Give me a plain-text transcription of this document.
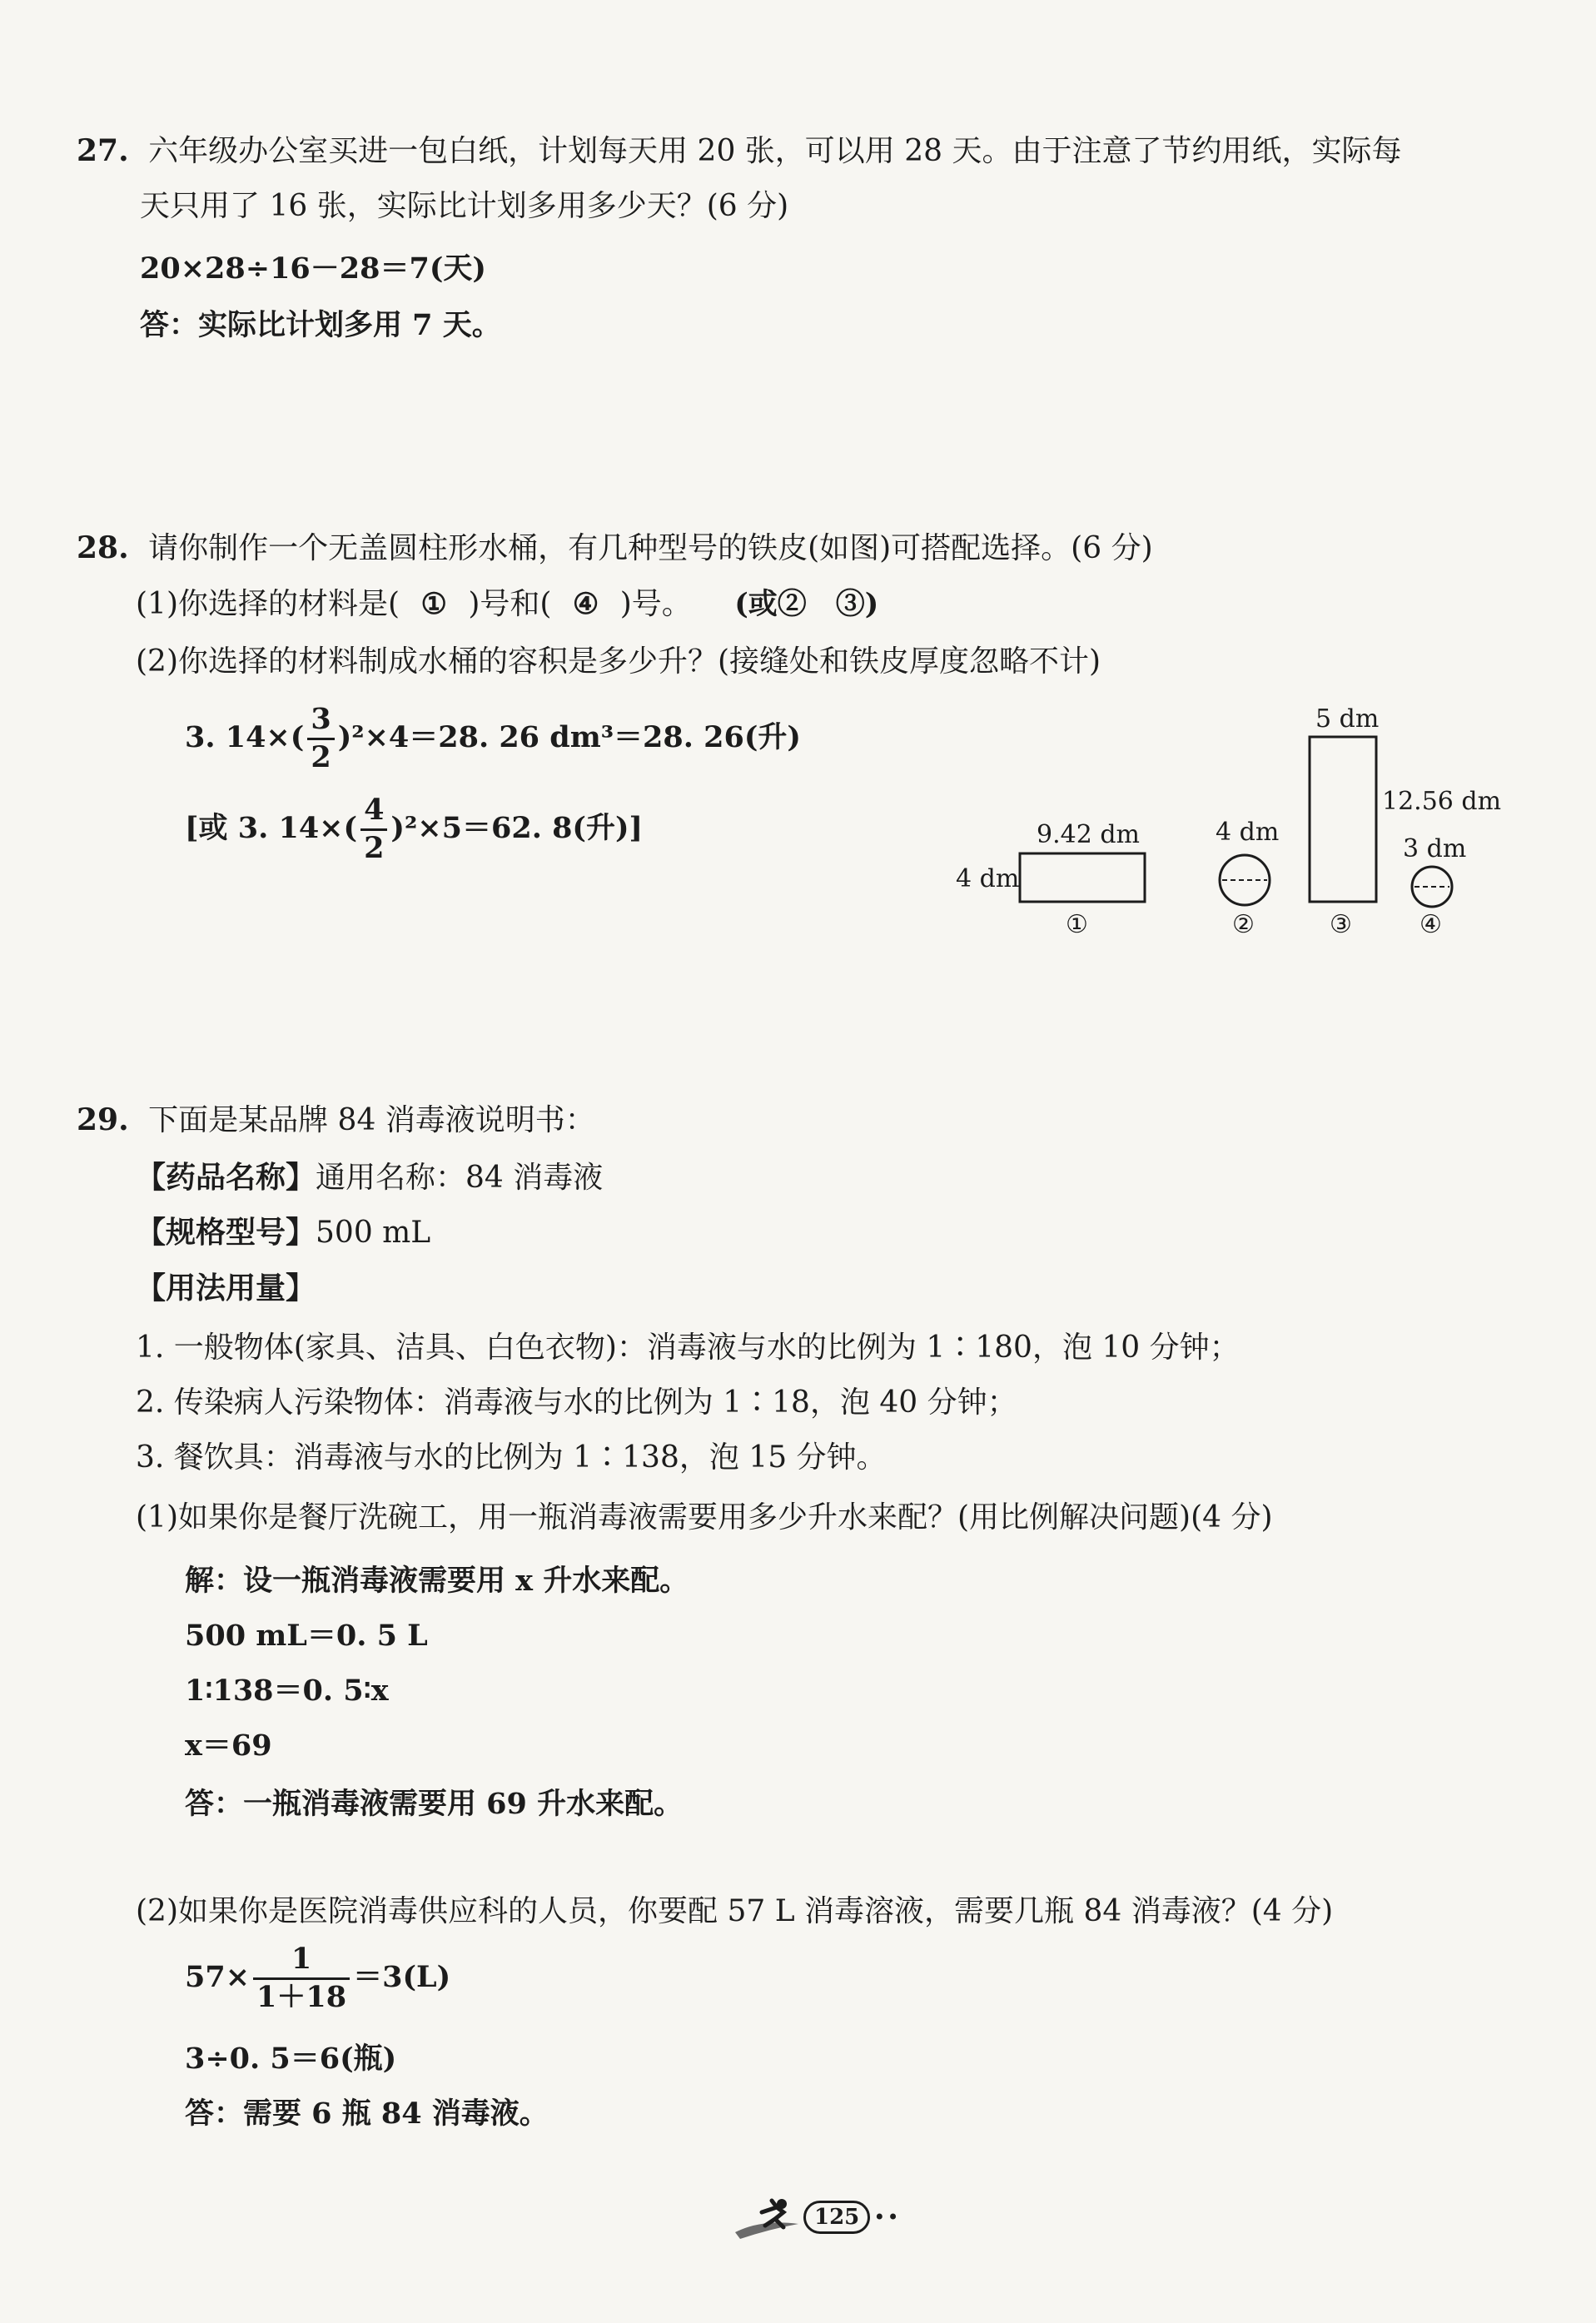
27. 六年级办公室买进一包白纸，计划每天用 20 张，可以用 28 天。由于注意了节约用纸，实际每
天只用了 16 张，实际比计划多用多少天？(6 分)
20×28÷16－28＝7(天)
答：实际比计划多用 7 天。
28. 请你制作一个无盖圆柱形水桶，有几种型号的铁皮(如图)可搭配选择。(6 分)
(1)你选择的材料是( ① )号和( ④ )号。 (或②　③)
(2)你选择的材料制成水桶的容积是多少升？(接缝处和铁皮厚度忽略不计)
3. $14\times( \frac{3}{2} )^2\times 4=28$. 26 dm³＝28. 26(升)
[或 3. $14\times( \frac{4}{2} )^2\times 5=62$. 8(升)]	9.42 dm
4 dm
①
4 dm
②
5 dm
12.56 dm
③
3 dm
④
29. 下面是某品牌 84 消毒液说明书：
【药品名称】通用名称：84 消毒液
【规格型号】500 mL
【用法用量】
1. 一般物体(家具、洁具、白色衣物)：消毒液与水的比例为 1∶180，泡 10 分钟；
2. 传染病人污染物体：消毒液与水的比例为 1∶18，泡 40 分钟；
3. 餐饮具：消毒液与水的比例为 1∶138，泡 15 分钟。
(1)如果你是餐厅洗碗工，用一瓶消毒液需要用多少升水来配？(用比例解决问题)(4 分)
解：设一瓶消毒液需要用 x 升水来配。
500 mL＝0. 5 L
1∶138＝0. 5∶x
x＝69
答：一瓶消毒液需要用 69 升水来配。
(2)如果你是医院消毒供应科的人员，你要配 57 L 消毒溶液，需要几瓶 84 消毒液？(4 分)
$57\times \frac{1}{1+18} =3(L)$
3÷0. 5＝6(瓶)
答：需要 6 瓶 84 消毒液。
125 ••
